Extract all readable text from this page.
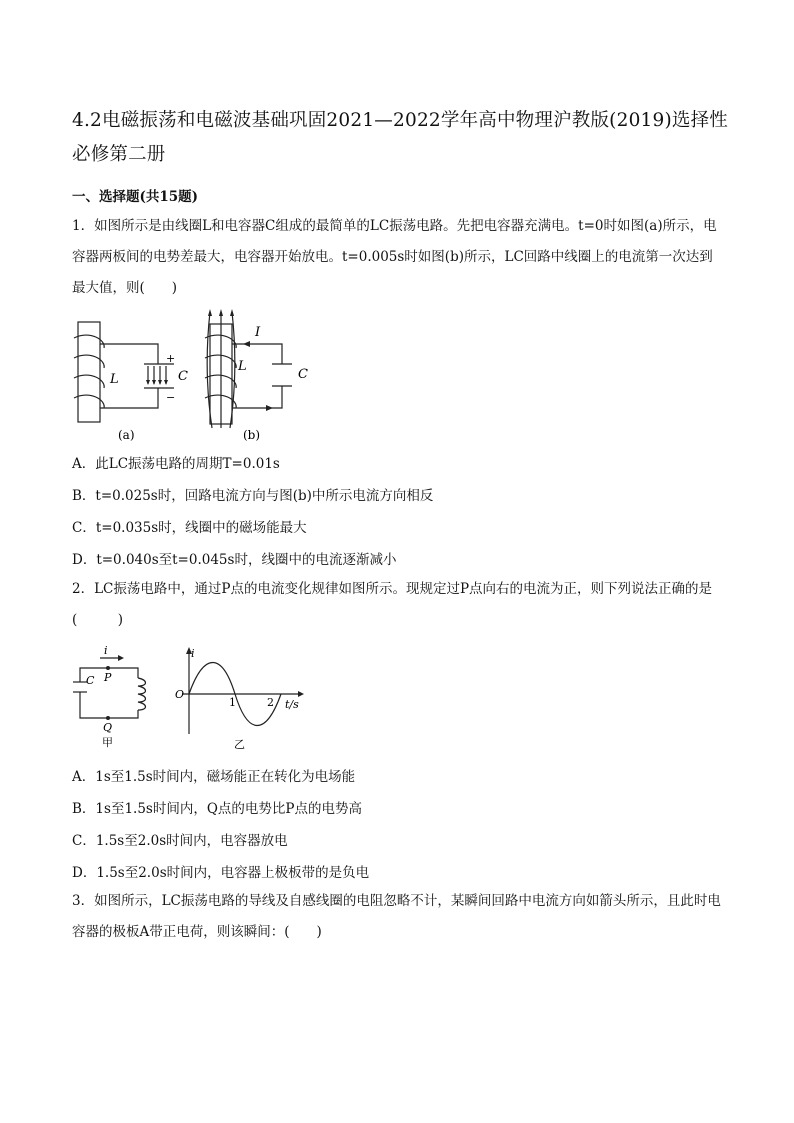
4.2电磁振荡和电磁波基础巩固2021—2022学年高中物理沪教版(2019)选择性必修第二册
一、选择题(共15题)
1．如图所示是由线圈L和电容器C组成的最简单的LC振荡电路。先把电容器充满电。t=0时如图(a)所示，电容器两板间的电势差最大，电容器开始放电。t=0.005s时如图(b)所示，LC回路中线圈上的电流第一次达到最大值，则(　　)
L	C
+
−
(a)
I
L
C
(b)
A．此LC振荡电路的周期T=0.01s
B．t=0.025s时，回路电流方向与图(b)中所示电流方向相反
C．t=0.035s时，线圈中的磁场能最大
D．t=0.040s至t=0.045s时，线圈中的电流逐渐减小
2．LC振荡电路中，通过P点的电流变化规律如图所示。现规定过P点向右的电流为正，则下列说法正确的是(　　　)
i
C P
Q
甲
i
O
1	2 t/s
乙
A．1s至1.5s时间内，磁场能正在转化为电场能
B．1s至1.5s时间内，Q点的电势比P点的电势高
C．1.5s至2.0s时间内，电容器放电
D．1.5s至2.0s时间内，电容器上极板带的是负电
3．如图所示，LC振荡电路的导线及自感线圈的电阻忽略不计，某瞬间回路中电流方向如箭头所示，且此时电容器的极板A带正电荷，则该瞬间：(　　)
